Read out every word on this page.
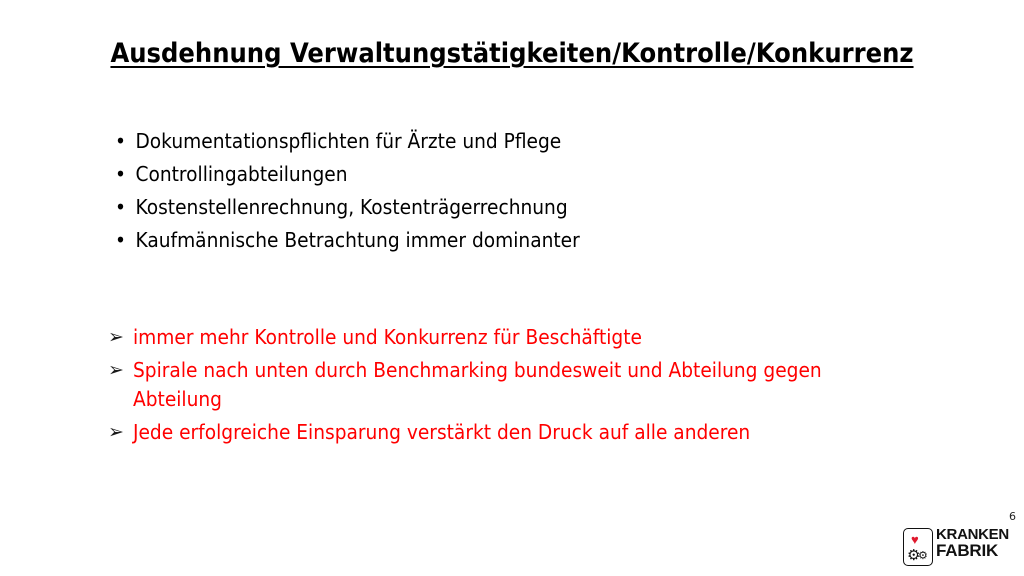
Ausdehnung Verwaltungstätigkeiten/Kontrolle/Konkurrenz
• Dokumentationspflichten für Ärzte und Pflege
• Controllingabteilungen
• Kostenstellenrechnung, Kostenträgerrechnung
• Kaufmännische Betrachtung immer dominanter
➢ immer mehr Kontrolle und Konkurrenz für Beschäftigte
➢ Spirale nach unten durch Benchmarking bundesweit und Abteilung gegen Abteilung
➢ Jede erfolgreiche Einsparung verstärkt den Druck auf alle anderen
6
♥
⚙
⚙
KRANKEN
FABRIK
